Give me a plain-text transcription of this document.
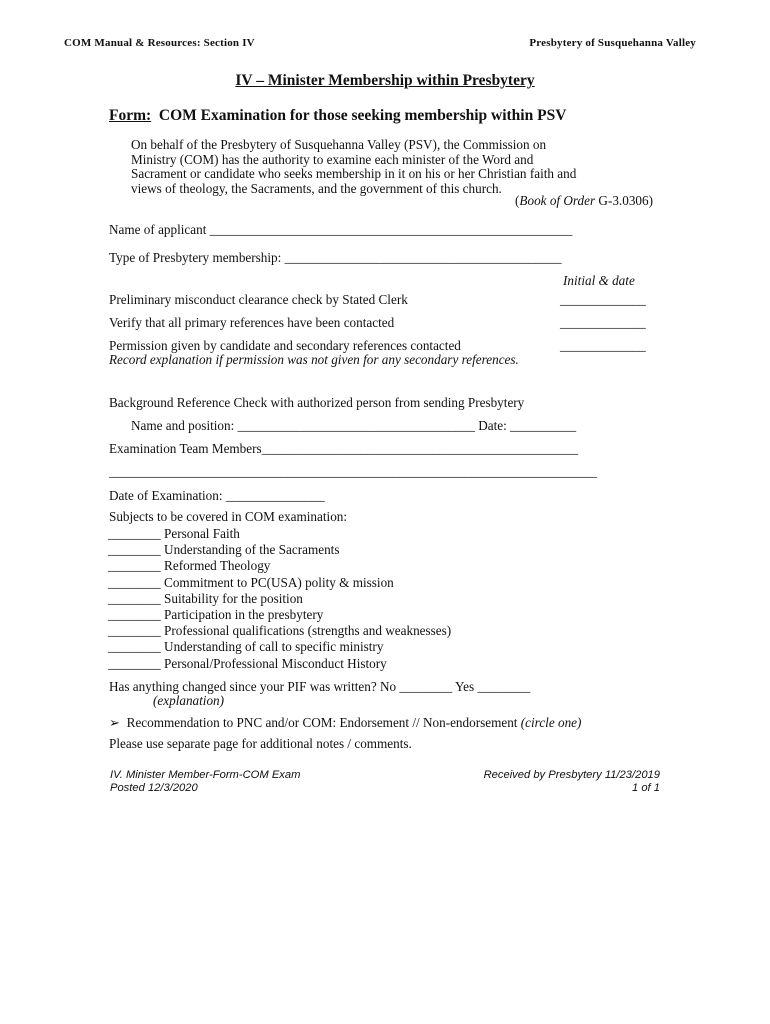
COM Manual & Resources: Section IV	Presbytery of Susquehanna Valley
IV – Minister Membership within Presbytery
Form: COM Examination for those seeking membership within PSV
On behalf of the Presbytery of Susquehanna Valley (PSV), the Commission on
Ministry (COM) has the authority to examine each minister of the Word and
Sacrament or candidate who seeks membership in it on his or her Christian faith and
views of theology, the Sacraments, and the government of this church.
(Book of Order G-3.0306)
Name of applicant _______________________________________________________
Type of Presbytery membership: __________________________________________
Initial & date
Preliminary misconduct clearance check by Stated Clerk	_____________
Verify that all primary references have been contacted	_____________
Permission given by candidate and secondary references contacted	_____________
Record explanation if permission was not given for any secondary references.
Background Reference Check with authorized person from sending Presbytery
Name and position: ____________________________________ Date: __________
Examination Team Members________________________________________________
__________________________________________________________________________
Date of Examination: _______________
Subjects to be covered in COM examination:
________ Personal Faith
________ Understanding of the Sacraments
________ Reformed Theology
________ Commitment to PC(USA) polity & mission
________ Suitability for the position
________ Participation in the presbytery
________ Professional qualifications (strengths and weaknesses)
________ Understanding of call to specific ministry
________ Personal/Professional Misconduct History
Has anything changed since your PIF was written? No ________ Yes ________
(explanation)
➢ Recommendation to PNC and/or COM: Endorsement // Non-endorsement (circle one)
Please use separate page for additional notes / comments.
IV. Minister Member-Form-COM Exam
Posted 12/3/2020
Received by Presbytery 11/23/2019
1 of 1
